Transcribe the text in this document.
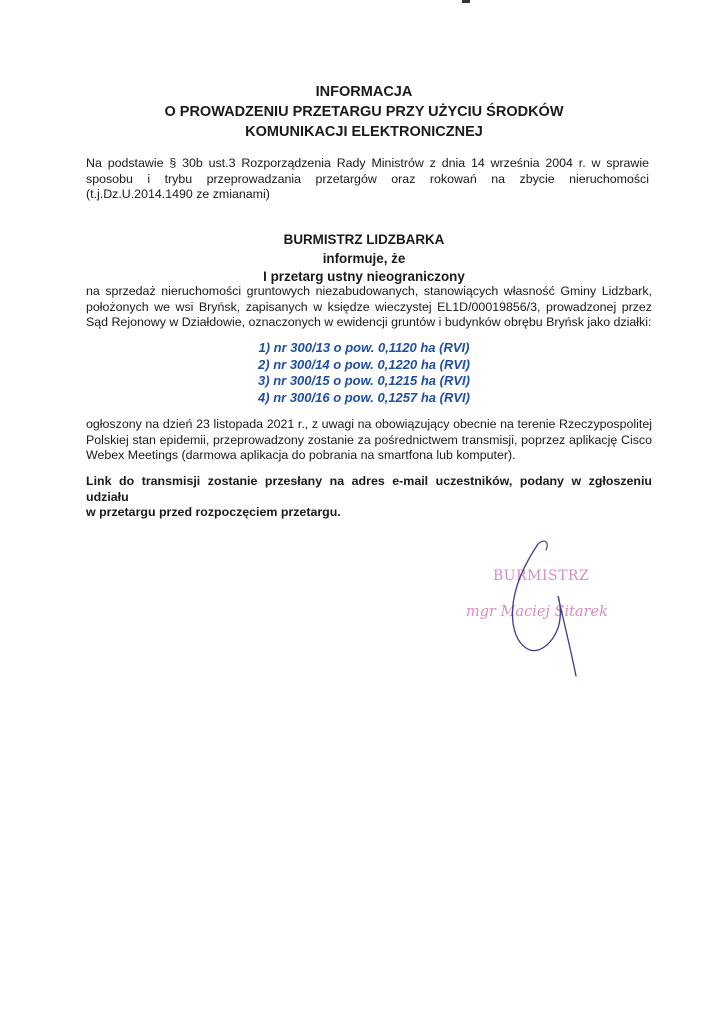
INFORMACJA
O PROWADZENIU PRZETARGU PRZY UŻYCIU ŚRODKÓW
KOMUNIKACJI ELEKTRONICZNEJ
Na podstawie § 30b ust.3 Rozporządzenia Rady Ministrów z dnia 14 września 2004 r. w sprawie
sposobu i trybu przeprowadzania przetargów oraz rokowań na zbycie nieruchomości
(t.j.Dz.U.2014.1490 ze zmianami)
BURMISTRZ LIDZBARKA
informuje, że
I przetarg ustny nieograniczony
na sprzedaż nieruchomości gruntowych niezabudowanych, stanowiących własność Gminy Lidzbark,
położonych we wsi Bryńsk, zapisanych w księdze wieczystej EL1D/00019856/3, prowadzonej przez
Sąd Rejonowy w Działdowie, oznaczonych w ewidencji gruntów i budynków obrębu Bryńsk jako działki:
1) nr 300/13 o pow. 0,1120 ha (RVI)
2) nr 300/14 o pow. 0,1220 ha (RVI)
3) nr 300/15 o pow. 0,1215 ha (RVI)
4) nr 300/16 o pow. 0,1257 ha (RVI)
ogłoszony na dzień 23 listopada 2021 r., z uwagi na obowiązujący obecnie na terenie Rzeczypospolitej
Polskiej stan epidemii, przeprowadzony zostanie za pośrednictwem transmisji, poprzez aplikację Cisco
Webex Meetings (darmowa aplikacja do pobrania na smartfona lub komputer).
Link do transmisji zostanie przesłany na adres e-mail uczestników, podany w zgłoszeniu udziału
w przetargu przed rozpoczęciem przetargu.
BURMISTRZ
mgr Maciej Sitarek
